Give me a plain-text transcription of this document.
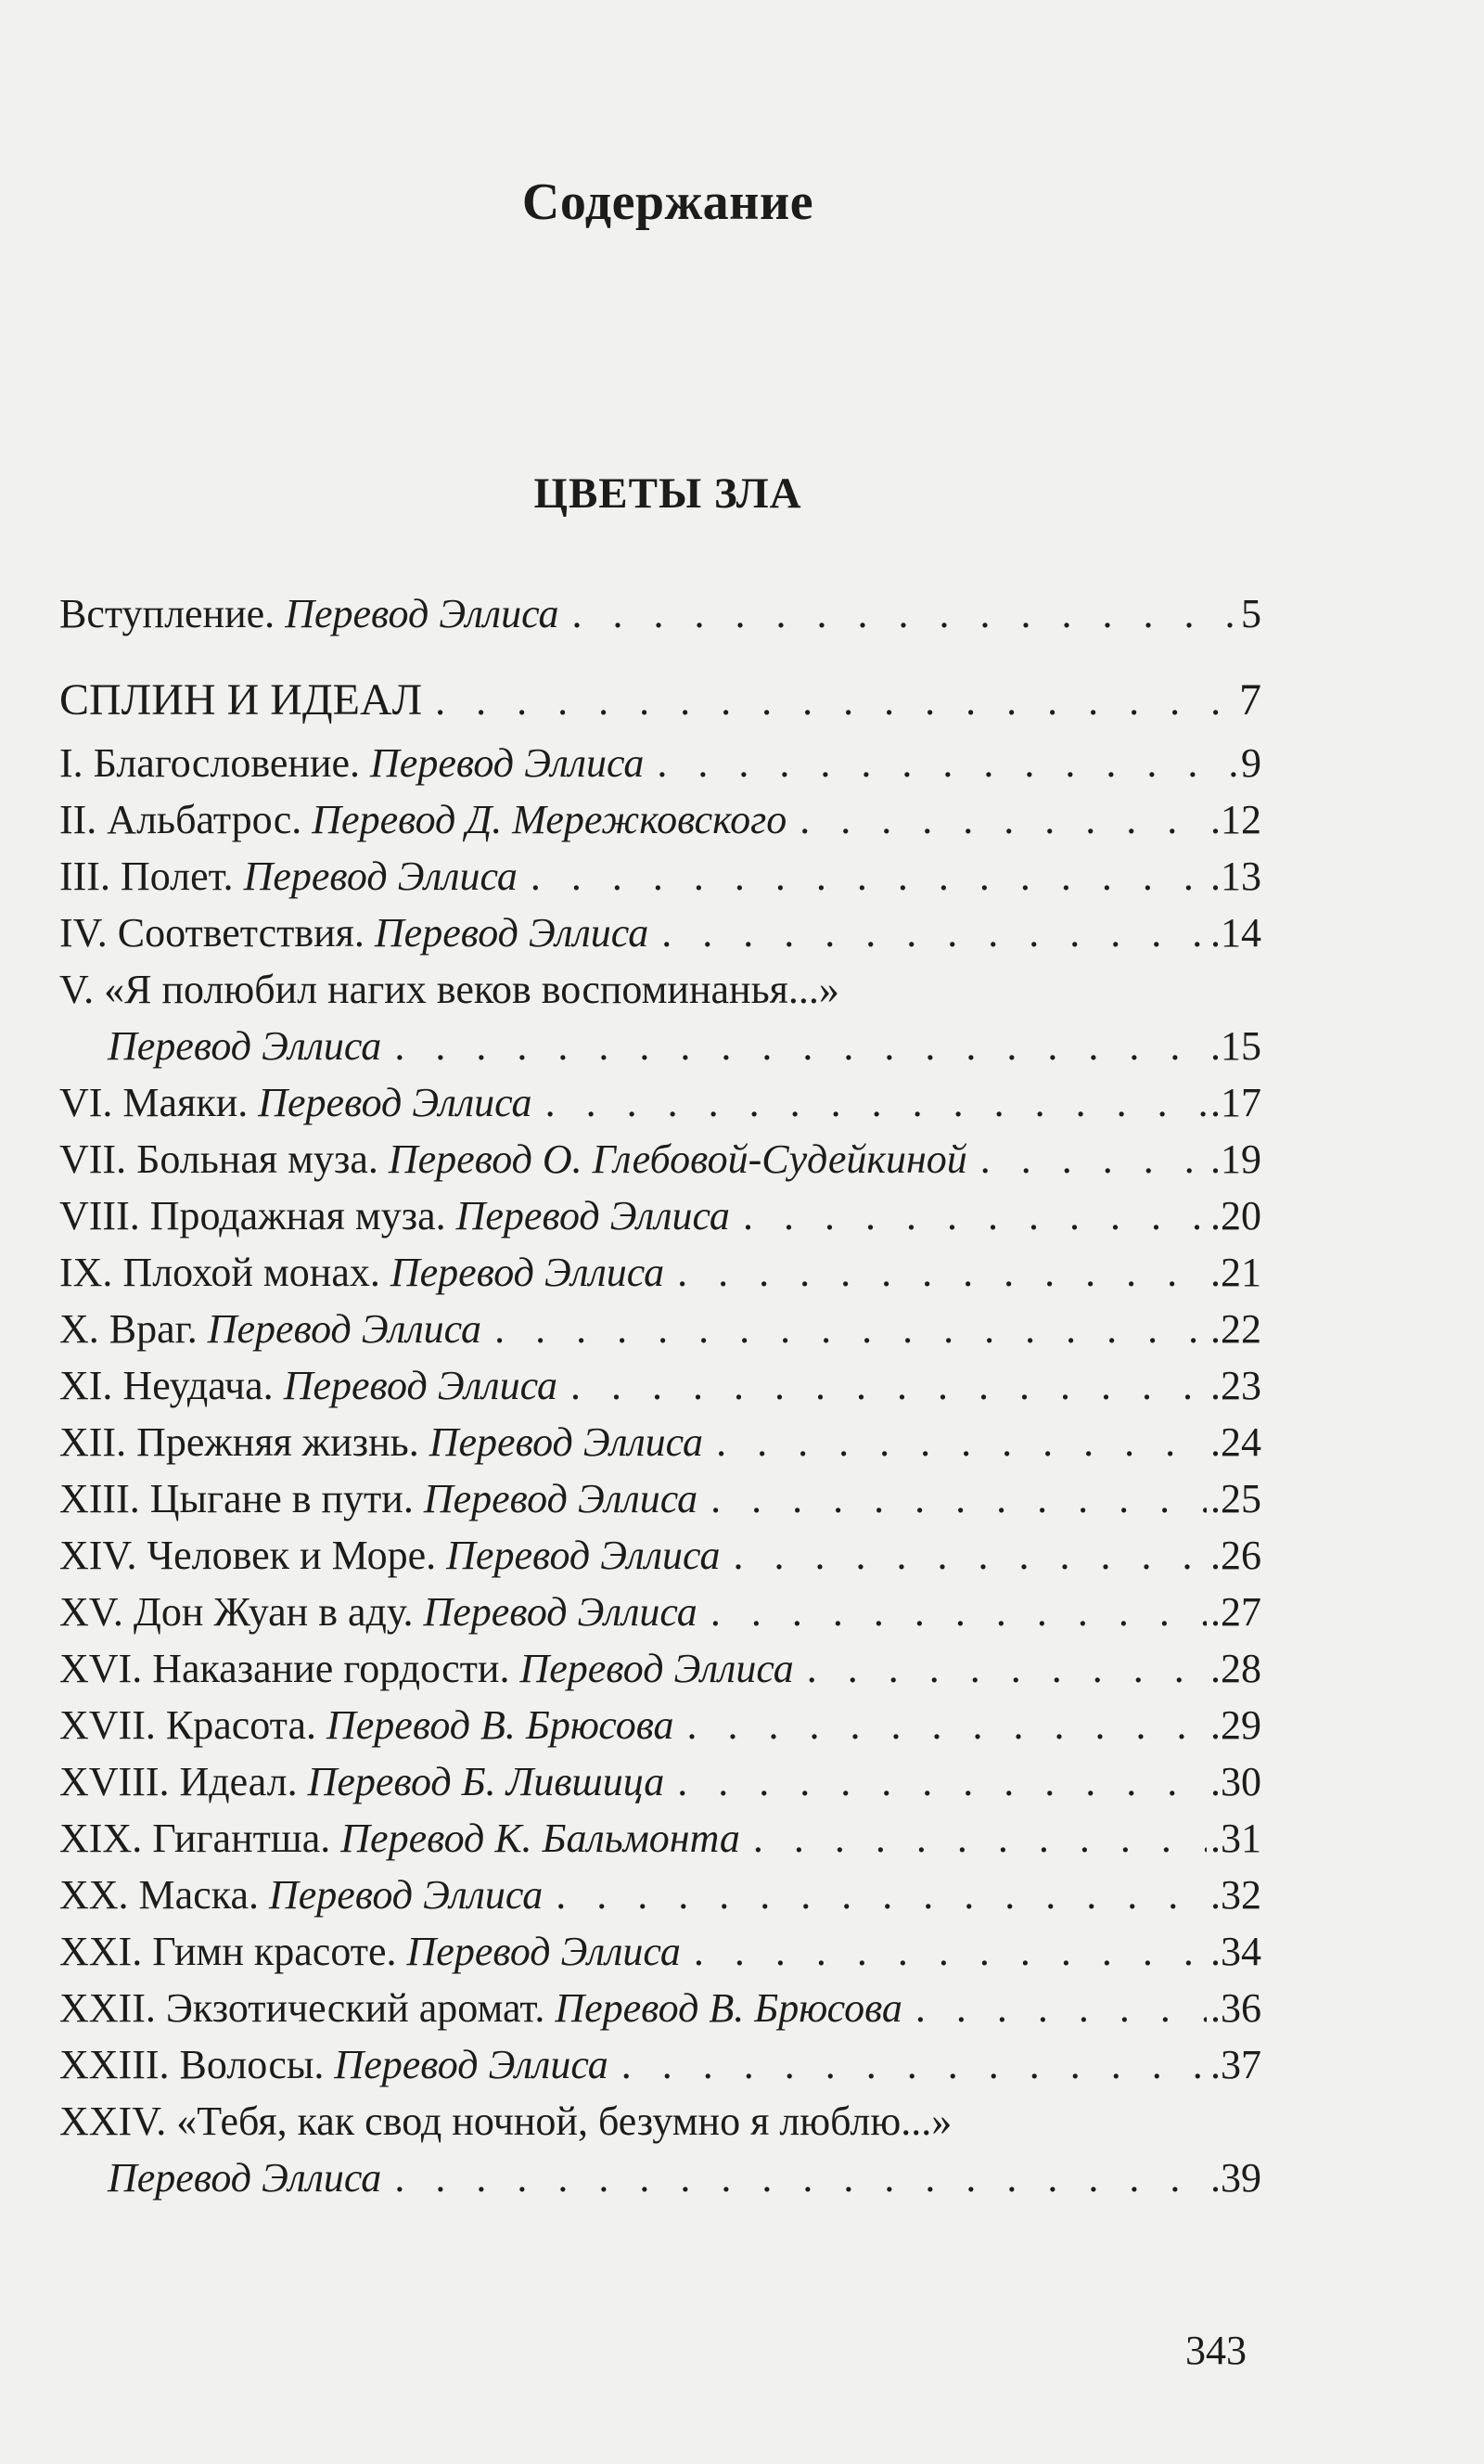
Содержание
ЦВЕТЫ ЗЛА
Вступление. Перевод Эллиса . . .	5
СПЛИН И ИДЕАЛ . . .	7
I. Благословение. Перевод Эллиса . . .	9
II. Альбатрос. Перевод Д. Мережковского . . .	.12
III. Полет. Перевод Эллиса . . .	.13
IV. Соответствия. Перевод Эллиса . . .	.14
V. «Я полюбил нагих веков воспоминанья...»
Перевод Эллиса . . .	.15
VI. Маяки. Перевод Эллиса . . .	.17
VII. Больная муза. Перевод О. Глебовой-Судейкиной . . .	.19
VIII. Продажная муза. Перевод Эллиса . . .	.20
IX. Плохой монах. Перевод Эллиса . . .	.21
X. Враг. Перевод Эллиса . . .	.22
XI. Неудача. Перевод Эллиса . . .	.23
XII. Прежняя жизнь. Перевод Эллиса . . .	.24
XIII. Цыгане в пути. Перевод Эллиса . . .	.25
XIV. Человек и Море. Перевод Эллиса . . .	.26
XV. Дон Жуан в аду. Перевод Эллиса . . .	.27
XVI. Наказание гордости. Перевод Эллиса . . .	.28
XVII. Красота. Перевод В. Брюсова . . .	.29
XVIII. Идеал. Перевод Б. Лившица . . .	.30
XIX. Гигантша. Перевод К. Бальмонта . . .	.31
XX. Маска. Перевод Эллиса . . .	.32
XXI. Гимн красоте. Перевод Эллиса . . .	.34
XXII. Экзотический аромат. Перевод В. Брюсова . . .	.36
XXIII. Волосы. Перевод Эллиса . . .	.37
XXIV. «Тебя, как свод ночной, безумно я люблю...»
Перевод Эллиса . . .	.39
343
